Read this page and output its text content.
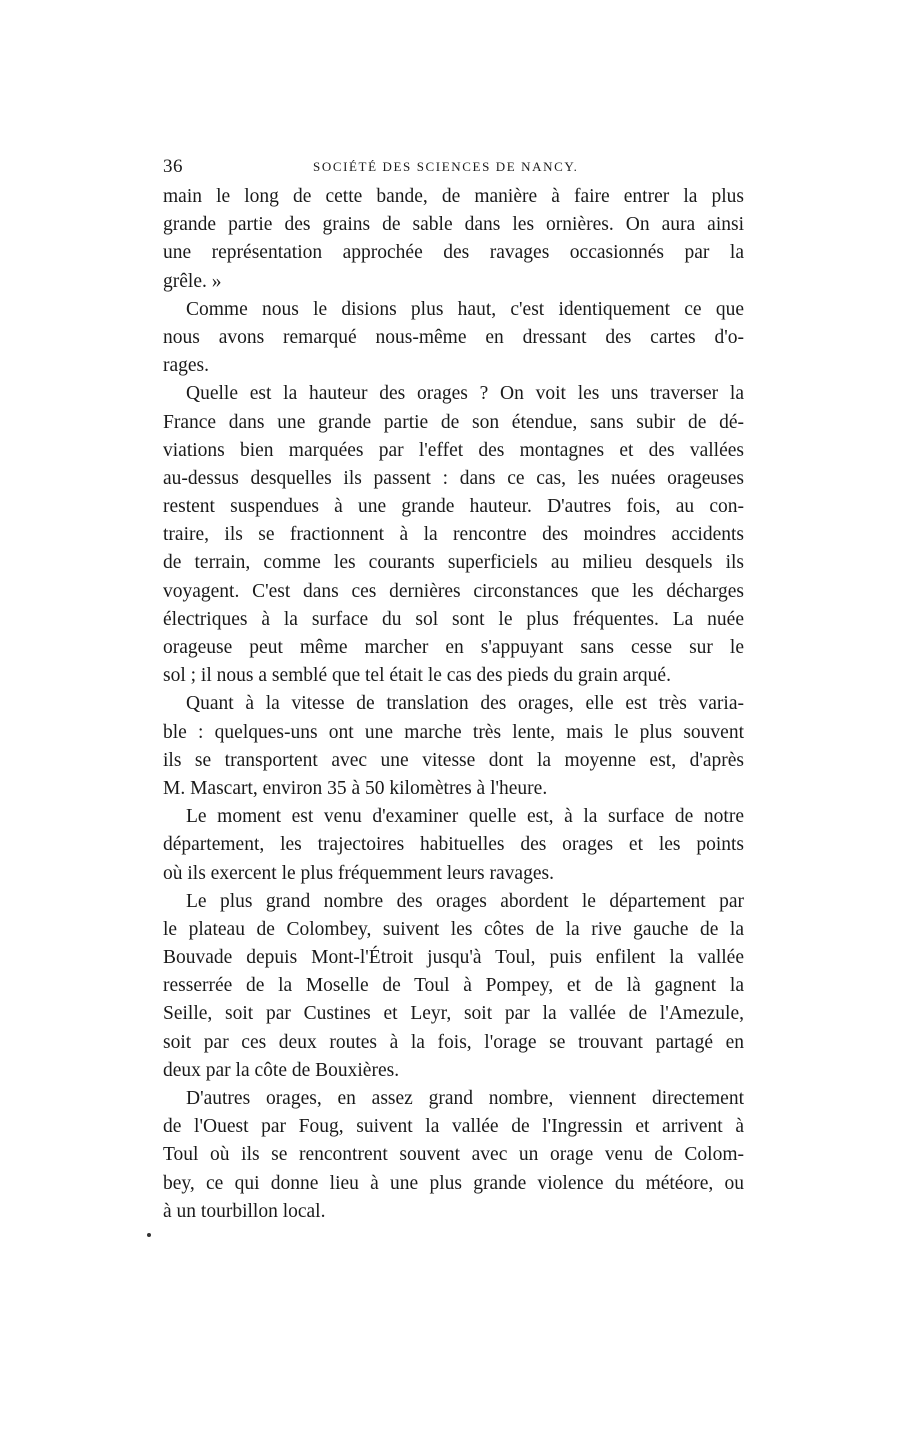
36	SOCIÉTÉ DES SCIENCES DE NANCY.
main le long de cette bande, de manière à faire entrer la plus
grande partie des grains de sable dans les ornières. On aura ainsi
une représentation approchée des ravages occasionnés par la
grêle. »
Comme nous le disions plus haut, c'est identiquement ce que
nous avons remarqué nous-même en dressant des cartes d'o-
rages.
Quelle est la hauteur des orages ? On voit les uns traverser la
France dans une grande partie de son étendue, sans subir de dé-
viations bien marquées par l'effet des montagnes et des vallées
au-dessus desquelles ils passent : dans ce cas, les nuées orageuses
restent suspendues à une grande hauteur. D'autres fois, au con-
traire, ils se fractionnent à la rencontre des moindres accidents
de terrain, comme les courants superficiels au milieu desquels ils
voyagent. C'est dans ces dernières circonstances que les décharges
électriques à la surface du sol sont le plus fréquentes. La nuée
orageuse peut même marcher en s'appuyant sans cesse sur le
sol ; il nous a semblé que tel était le cas des pieds du grain arqué.
Quant à la vitesse de translation des orages, elle est très varia-
ble : quelques-uns ont une marche très lente, mais le plus souvent
ils se transportent avec une vitesse dont la moyenne est, d'après
M. Mascart, environ 35 à 50 kilomètres à l'heure.
Le moment est venu d'examiner quelle est, à la surface de notre
département, les trajectoires habituelles des orages et les points
où ils exercent le plus fréquemment leurs ravages.
Le plus grand nombre des orages abordent le département par
le plateau de Colombey, suivent les côtes de la rive gauche de la
Bouvade depuis Mont-l'Étroit jusqu'à Toul, puis enfilent la vallée
resserrée de la Moselle de Toul à Pompey, et de là gagnent la
Seille, soit par Custines et Leyr, soit par la vallée de l'Amezule,
soit par ces deux routes à la fois, l'orage se trouvant partagé en
deux par la côte de Bouxières.
D'autres orages, en assez grand nombre, viennent directement
de l'Ouest par Foug, suivent la vallée de l'Ingressin et arrivent à
Toul où ils se rencontrent souvent avec un orage venu de Colom-
bey, ce qui donne lieu à une plus grande violence du météore, ou
à un tourbillon local.
